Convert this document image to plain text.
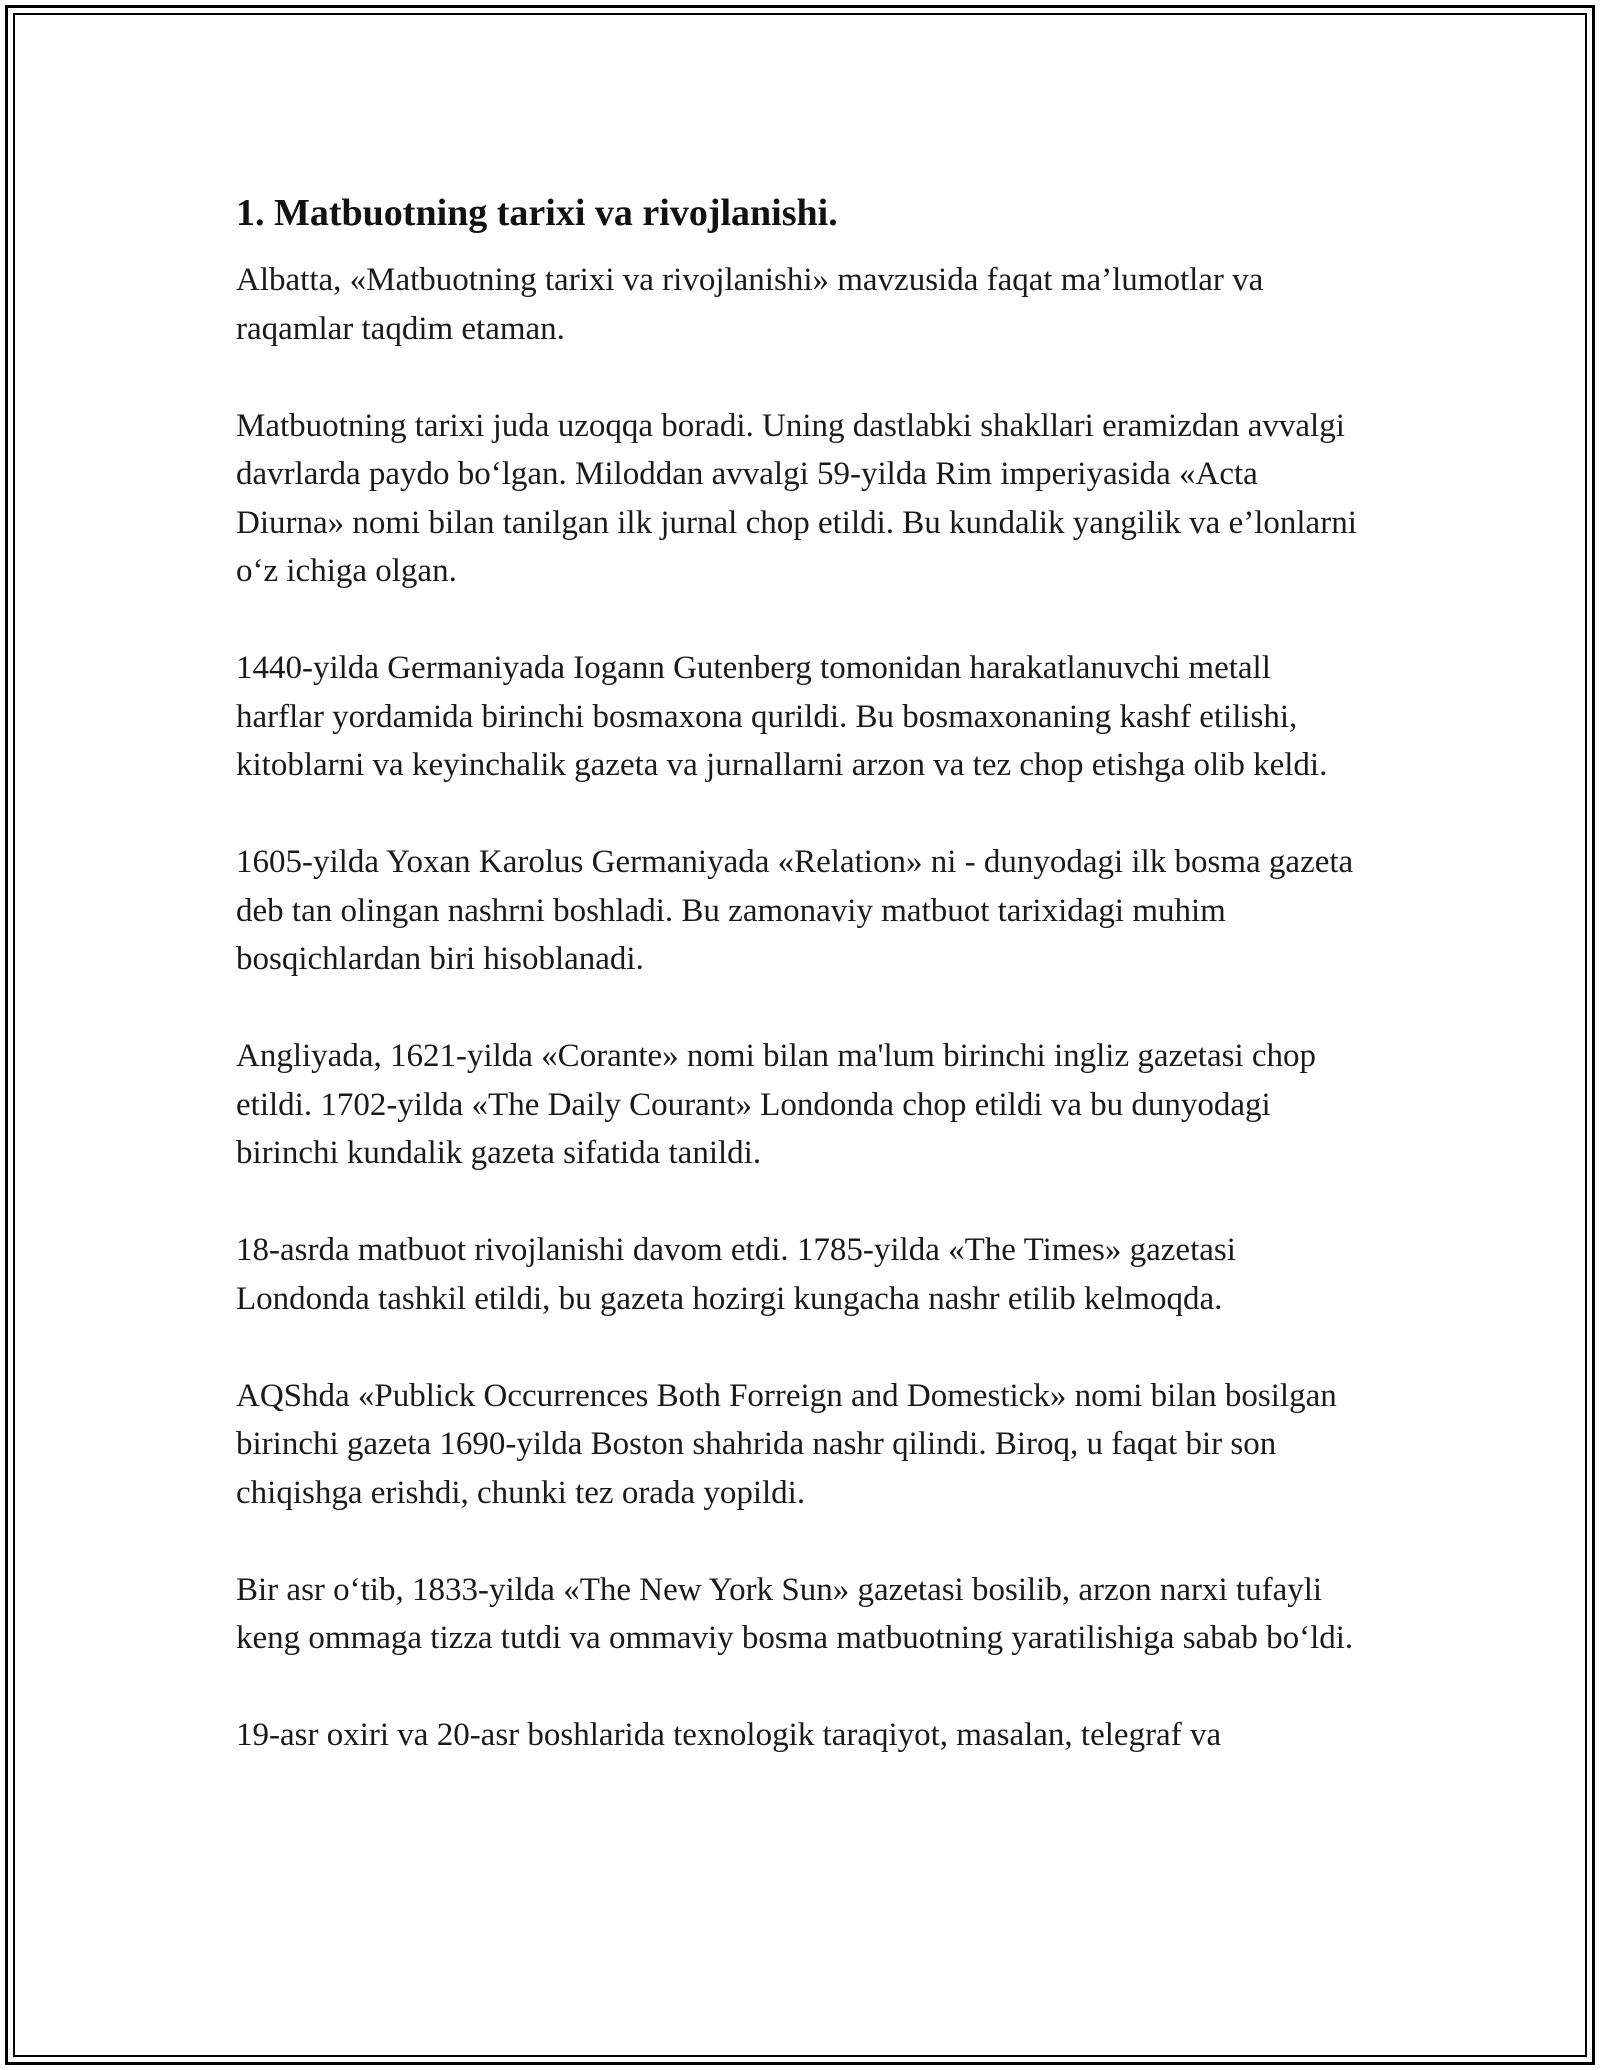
1. Matbuotning tarixi va rivojlanishi.

Albatta, «Matbuotning tarixi va rivojlanishi» mavzusida faqat ma’lumotlar va raqamlar taqdim etaman.

Matbuotning tarixi juda uzoqqa boradi. Uning dastlabki shakllari eramizdan avvalgi davrlarda paydo bo‘lgan. Miloddan avvalgi 59-yilda Rim imperiyasida «Acta Diurna» nomi bilan tanilgan ilk jurnal chop etildi. Bu kundalik yangilik va e’lonlarni o‘z ichiga olgan.

1440-yilda Germaniyada Iogann Gutenberg tomonidan harakatlanuvchi metall harflar yordamida birinchi bosmaxona qurildi. Bu bosmaxonaning kashf etilishi, kitoblarni va keyinchalik gazeta va jurnallarni arzon va tez chop etishga olib keldi.

1605-yilda Yoxan Karolus Germaniyada «Relation» ni - dunyodagi ilk bosma gazeta deb tan olingan nashrni boshladi. Bu zamonaviy matbuot tarixidagi muhim bosqichlardan biri hisoblanadi.

Angliyada, 1621-yilda «Corante» nomi bilan ma'lum birinchi ingliz gazetasi chop etildi. 1702-yilda «The Daily Courant» Londonda chop etildi va bu dunyodagi birinchi kundalik gazeta sifatida tanildi.

18-asrda matbuot rivojlanishi davom etdi. 1785-yilda «The Times» gazetasi Londonda tashkil etildi, bu gazeta hozirgi kungacha nashr etilib kelmoqda.

AQShda «Publick Occurrences Both Forreign and Domestick» nomi bilan bosilgan birinchi gazeta 1690-yilda Boston shahrida nashr qilindi. Biroq, u faqat bir son chiqishga erishdi, chunki tez orada yopildi.

Bir asr o‘tib, 1833-yilda «The New York Sun» gazetasi bosilib, arzon narxi tufayli keng ommaga tizza tutdi va ommaviy bosma matbuotning yaratilishiga sabab bo‘ldi.

19-asr oxiri va 20-asr boshlarida texnologik taraqiyot, masalan, telegraf va
